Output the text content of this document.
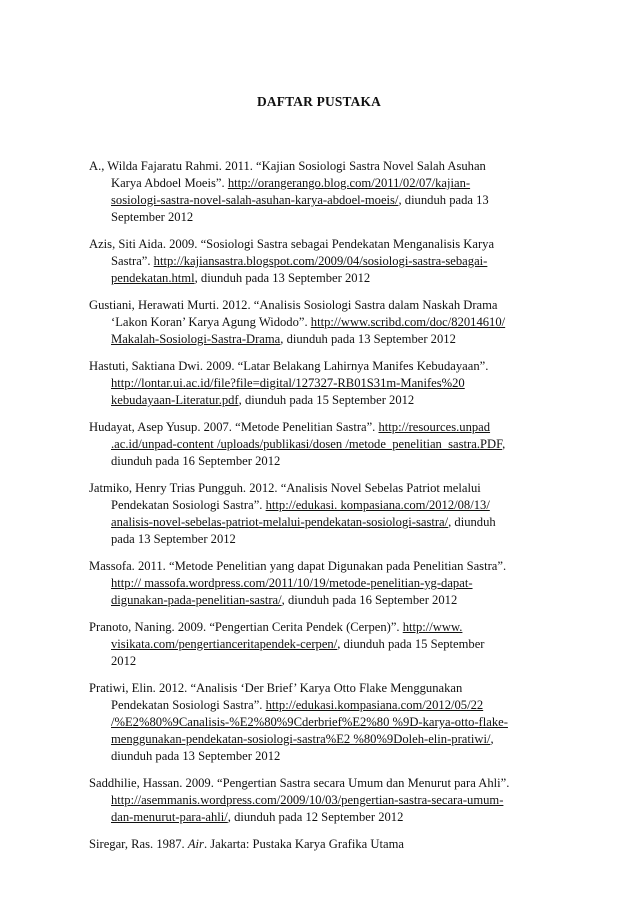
DAFTAR PUSTAKA

A., Wilda Fajaratu Rahmi. 2011. “Kajian Sosiologi Sastra Novel Salah Asuhan
Karya Abdoel Moeis”. http://orangerango.blog.com/2011/02/07/kajian-
sosiologi-sastra-novel-salah-asuhan-karya-abdoel-moeis/, diunduh pada 13
September 2012

Azis, Siti Aida. 2009. “Sosiologi Sastra sebagai Pendekatan Menganalisis Karya
Sastra”. http://kajiansastra.blogspot.com/2009/04/sosiologi-sastra-sebagai-
pendekatan.html, diunduh pada 13 September 2012

Gustiani, Herawati Murti. 2012. “Analisis Sosiologi Sastra dalam Naskah Drama
‘Lakon Koran’ Karya Agung Widodo”. http://www.scribd.com/doc/82014610/
Makalah-Sosiologi-Sastra-Drama, diunduh pada 13 September 2012

Hastuti, Saktiana Dwi. 2009. “Latar Belakang Lahirnya Manifes Kebudayaan”.
http://lontar.ui.ac.id/file?file=digital/127327-RB01S31m-Manifes%20
kebudayaan-Literatur.pdf, diunduh pada 15 September 2012

Hudayat, Asep Yusup. 2007. “Metode Penelitian Sastra”. http://resources.unpad
.ac.id/unpad-content /uploads/publikasi/dosen /metode_penelitian_sastra.PDF,
diunduh pada 16 September 2012

Jatmiko, Henry Trias Pungguh. 2012. “Analisis Novel Sebelas Patriot melalui
Pendekatan Sosiologi Sastra”. http://edukasi. kompasiana.com/2012/08/13/
analisis-novel-sebelas-patriot-melalui-pendekatan-sosiologi-sastra/, diunduh
pada 13 September 2012

Massofa. 2011. “Metode Penelitian yang dapat Digunakan pada Penelitian Sastra”.
http:// massofa.wordpress.com/2011/10/19/metode-penelitian-yg-dapat-
digunakan-pada-penelitian-sastra/, diunduh pada 16 September 2012

Pranoto, Naning. 2009. “Pengertian Cerita Pendek (Cerpen)”. http://www.
visikata.com/pengertianceritapendek-cerpen/, diunduh pada 15 September
2012

Pratiwi, Elin. 2012. “Analisis ‘Der Brief’ Karya Otto Flake Menggunakan
Pendekatan Sosiologi Sastra”. http://edukasi.kompasiana.com/2012/05/22
/%E2%80%9Canalisis-%E2%80%9Cderbrief%E2%80 %9D-karya-otto-flake-
menggunakan-pendekatan-sosiologi-sastra%E2 %80%9Doleh-elin-pratiwi/,
diunduh pada 13 September 2012

Saddhilie, Hassan. 2009. “Pengertian Sastra secara Umum dan Menurut para Ahli”.
http://asemmanis.wordpress.com/2009/10/03/pengertian-sastra-secara-umum-
dan-menurut-para-ahli/, diunduh pada 12 September 2012

Siregar, Ras. 1987. Air. Jakarta: Pustaka Karya Grafika Utama
